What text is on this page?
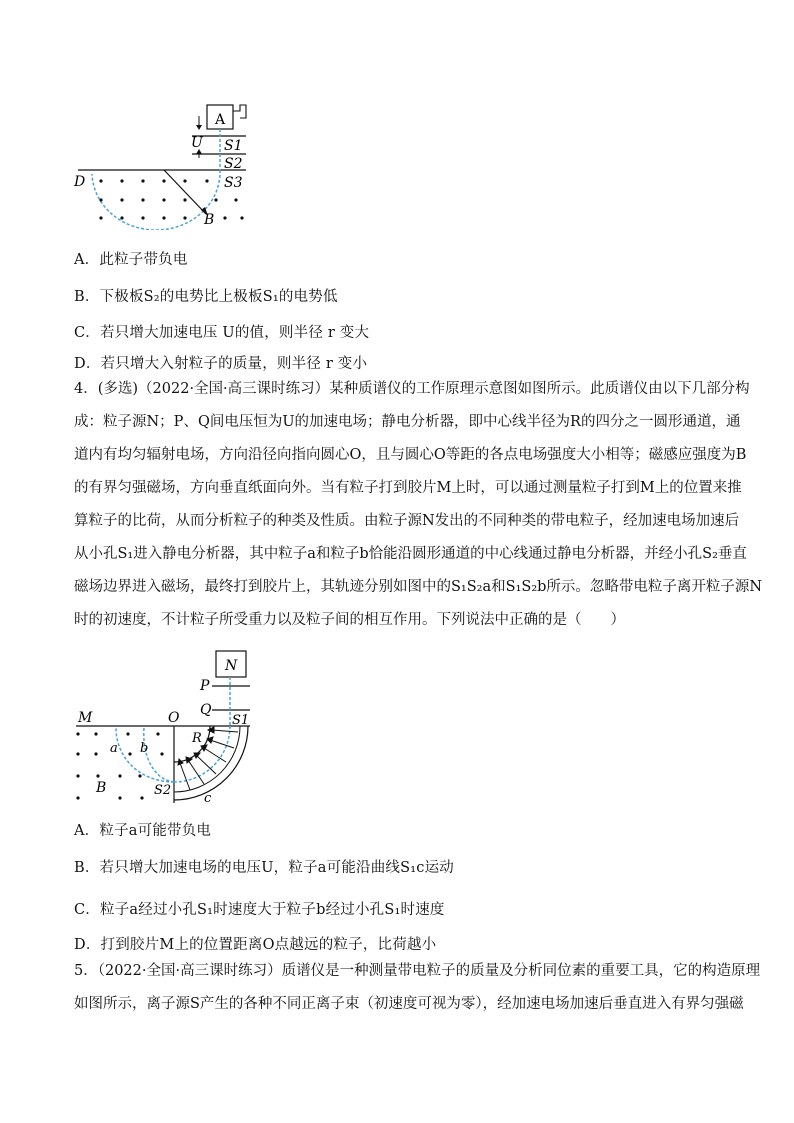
A
U S1
S2
S3
D
B
A．此粒子带负电
B．下极板S₂的电势比上极板S₁的电势低
C．若只增大加速电压 U的值，则半径 r 变大
D．若只增大入射粒子的质量，则半径 r 变小
4．(多选)（2022·全国·高三课时练习）某种质谱仪的工作原理示意图如图所示。此质谱仪由以下几部分构
成：粒子源N；P、Q间电压恒为U的加速电场；静电分析器，即中心线半径为R的四分之一圆形通道，通
道内有均匀辐射电场，方向沿径向指向圆心O，且与圆心O等距的各点电场强度大小相等；磁感应强度为B
的有界匀强磁场，方向垂直纸面向外。当有粒子打到胶片M上时，可以通过测量粒子打到M上的位置来推
算粒子的比荷，从而分析粒子的种类及性质。由粒子源N发出的不同种类的带电粒子，经加速电场加速后
从小孔S₁进入静电分析器，其中粒子a和粒子b恰能沿圆形通道的中心线通过静电分析器，并经小孔S₂垂直
磁场边界进入磁场，最终打到胶片上，其轨迹分别如图中的S₁S₂a和S₁S₂b所示。忽略带电粒子离开粒子源N
时的初速度，不计粒子所受重力以及粒子间的相互作用。下列说法中正确的是（　　）
N
P
Q
S1
M	O
R
c
a b
B	S2
A．粒子a可能带负电
B．若只增大加速电场的电压U，粒子a可能沿曲线S₁c运动
C．粒子a经过小孔S₁时速度大于粒子b经过小孔S₁时速度
D．打到胶片M上的位置距离O点越远的粒子，比荷越小
5．（2022·全国·高三课时练习）质谱仪是一种测量带电粒子的质量及分析同位素的重要工具，它的构造原理
如图所示，离子源S产生的各种不同正离子束（初速度可视为零），经加速电场加速后垂直进入有界匀强磁
